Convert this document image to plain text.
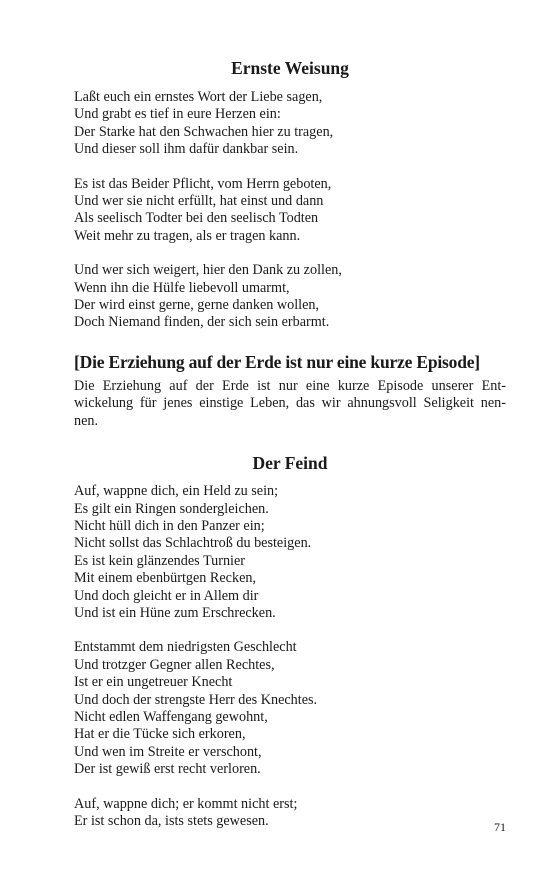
Ernste Weisung
Laßt euch ein ernstes Wort der Liebe sagen,
Und grabt es tief in eure Herzen ein:
Der Starke hat den Schwachen hier zu tragen,
Und dieser soll ihm dafür dankbar sein.
Es ist das Beider Pflicht, vom Herrn geboten,
Und wer sie nicht erfüllt, hat einst und dann
Als seelisch Todter bei den seelisch Todten
Weit mehr zu tragen, als er tragen kann.
Und wer sich weigert, hier den Dank zu zollen,
Wenn ihn die Hülfe liebevoll umarmt,
Der wird einst gerne, gerne danken wollen,
Doch Niemand finden, der sich sein erbarmt.
[Die Erziehung auf der Erde ist nur eine kurze Episode]
Die Erziehung auf der Erde ist nur eine kurze Episode unserer Ent-
wickelung für jenes einstige Leben, das wir ahnungsvoll Seligkeit nen-
nen.
Der Feind
Auf, wappne dich, ein Held zu sein;
Es gilt ein Ringen sondergleichen.
Nicht hüll dich in den Panzer ein;
Nicht sollst das Schlachtroß du besteigen.
Es ist kein glänzendes Turnier
Mit einem ebenbürtgen Recken,
Und doch gleicht er in Allem dir
Und ist ein Hüne zum Erschrecken.
Entstammt dem niedrigsten Geschlecht
Und trotzger Gegner allen Rechtes,
Ist er ein ungetreuer Knecht
Und doch der strengste Herr des Knechtes.
Nicht edlen Waffengang gewohnt,
Hat er die Tücke sich erkoren,
Und wen im Streite er verschont,
Der ist gewiß erst recht verloren.
Auf, wappne dich; er kommt nicht erst;
Er ist schon da, ists stets gewesen.	71
